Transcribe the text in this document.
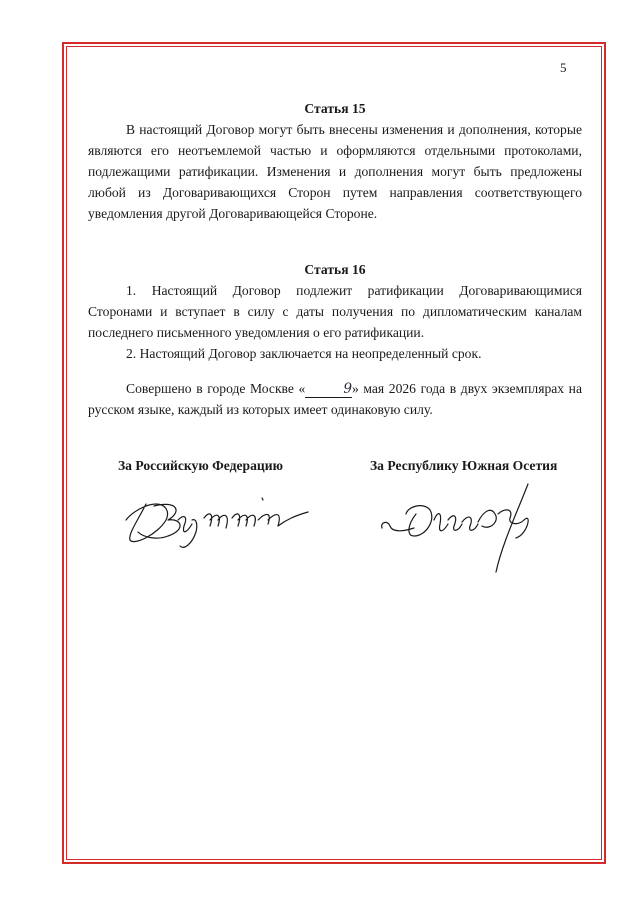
5

Статья 15

В настоящий Договор могут быть внесены изменения и дополнения, которые являются его неотъемлемой частью и оформляются отдельными протоколами, подлежащими ратификации. Изменения и дополнения могут быть предложены любой из Договаривающихся Сторон путем направления соответствующего уведомления другой Договаривающейся Стороне.

Статья 16

1. Настоящий Договор подлежит ратификации Договаривающимися Сторонами и вступает в силу с даты получения по дипломатическим каналам последнего письменного уведомления о его ратификации.

2. Настоящий Договор заключается на неопределенный срок.

Совершено в городе Москве «	9» мая 2026 года в двух экземплярах на русском языке, каждый из которых имеет одинаковую силу.

За Российскую Федерацию	За Республику Южная Осетия
